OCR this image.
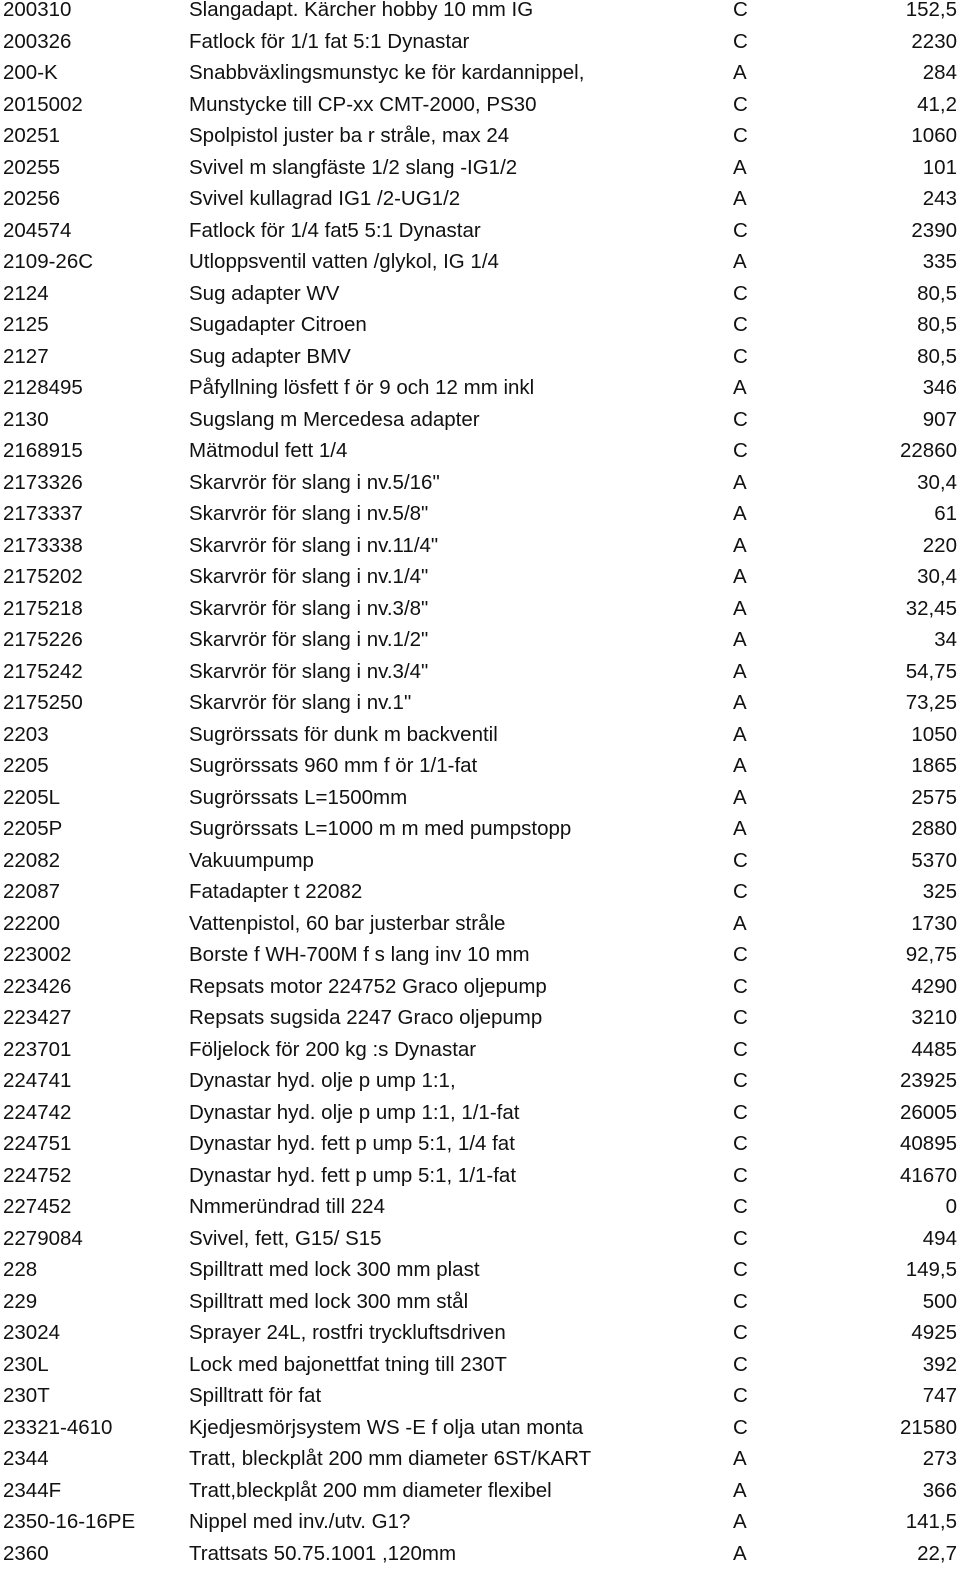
200310	Slangadapt. Kärcher hobby 10 mm IG	C	152,5
200326	Fatlock för 1/1 fat 5:1 Dynastar	C	2230
200-K	Snabbväxlingsmunstyc ke för kardannippel,	A	284
2015002	Munstycke till CP-xx CMT-2000, PS30	C	41,2
20251	Spolpistol juster ba r stråle, max 24	C	1060
20255	Svivel m slangfäste 1/2 slang -IG1/2	A	101
20256	Svivel kullagrad IG1 /2-UG1/2	A	243
204574	Fatlock för 1/4 fat5 5:1 Dynastar	C	2390
2109-26C	Utloppsventil vatten /glykol, IG 1/4	A	335
2124	Sug adapter WV	C	80,5
2125	Sugadapter Citroen	C	80,5
2127	Sug adapter BMV	C	80,5
2128495	Påfyllning lösfett f ör 9 och 12 mm inkl	A	346
2130	Sugslang m Mercedesa adapter	C	907
2168915	Mätmodul fett 1/4	C	22860
2173326	Skarvrör för slang i nv.5/16"	A	30,4
2173337	Skarvrör för slang i nv.5/8"	A	61
2173338	Skarvrör för slang i nv.11/4"	A	220
2175202	Skarvrör för slang i nv.1/4"	A	30,4
2175218	Skarvrör för slang i nv.3/8"	A	32,45
2175226	Skarvrör för slang i nv.1/2"	A	34
2175242	Skarvrör för slang i nv.3/4"	A	54,75
2175250	Skarvrör för slang i nv.1"	A	73,25
2203	Sugrörssats för dunk m backventil	A	1050
2205	Sugrörssats 960 mm f ör 1/1-fat	A	1865
2205L	Sugrörssats L=1500mm	A	2575
2205P	Sugrörssats L=1000 m m med pumpstopp	A	2880
22082	Vakuumpump	C	5370
22087	Fatadapter t 22082	C	325
22200	Vattenpistol, 60 bar justerbar stråle	A	1730
223002	Borste f WH-700M f s lang inv 10 mm	C	92,75
223426	Repsats motor 224752 Graco oljepump	C	4290
223427	Repsats sugsida 2247 Graco oljepump	C	3210
223701	Följelock för 200 kg :s Dynastar	C	4485
224741	Dynastar hyd. olje p ump 1:1,	C	23925
224742	Dynastar hyd. olje p ump 1:1, 1/1-fat	C	26005
224751	Dynastar hyd. fett p ump 5:1, 1/4 fat	C	40895
224752	Dynastar hyd. fett p ump 5:1, 1/1-fat	C	41670
227452	Nmmeründrad till 224	C	0
2279084	Svivel, fett, G15/ S15	C	494
228	Spilltratt med lock 300 mm plast	C	149,5
229	Spilltratt med lock 300 mm stål	C	500
23024	Sprayer 24L, rostfri tryckluftsdriven	C	4925
230L	Lock med bajonettfat tning till 230T	C	392
230T	Spilltratt för fat	C	747
23321-4610	Kjedjesmörjsystem WS -E f olja utan monta	C	21580
2344	Tratt, bleckplåt 200 mm diameter 6ST/KART	A	273
2344F	Tratt,bleckplåt 200 mm diameter flexibel	A	366
2350-16-16PE	Nippel med inv./utv. G1?	A	141,5
2360	Trattsats 50.75.1001 ,120mm	A	22,7
